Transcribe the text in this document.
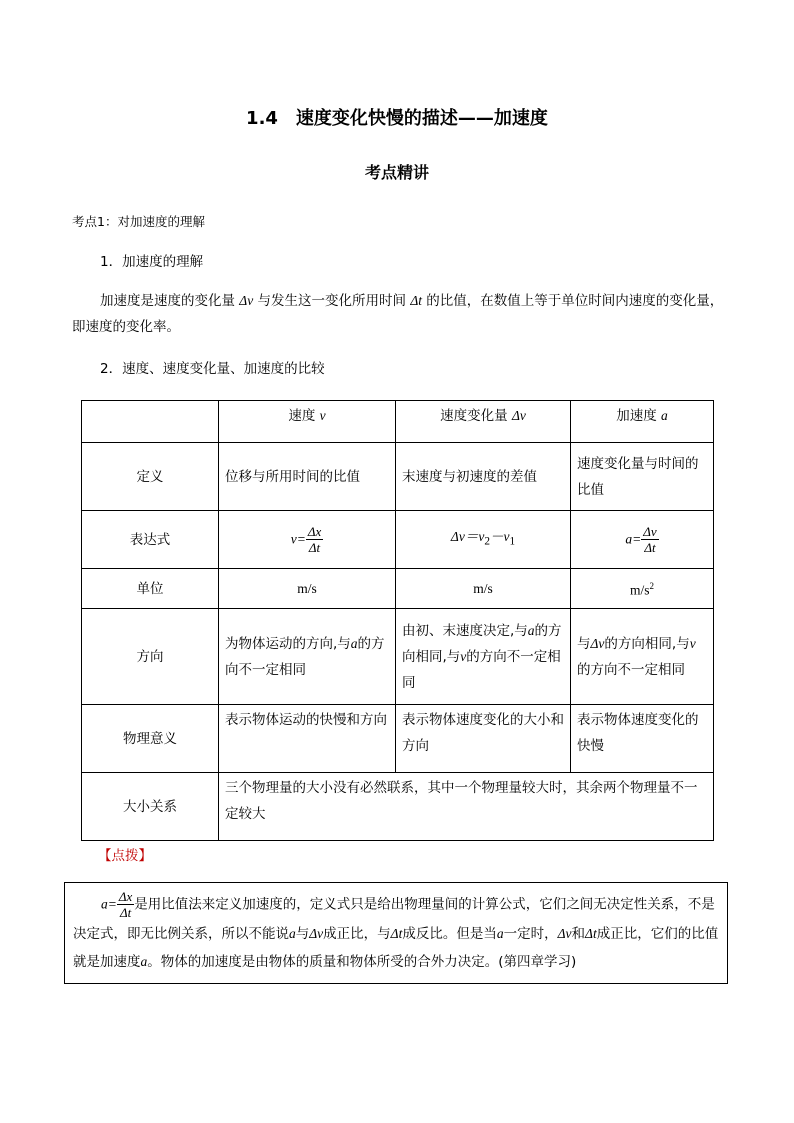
1.4　速度变化快慢的描述——加速度
考点精讲
考点1：对加速度的理解
1．加速度的理解
加速度是速度的变化量 Δv 与发生这一变化所用时间 Δt 的比值，在数值上等于单位时间内速度的变化量，即速度的变化率。
2．速度、速度变化量、加速度的比较
	速度 v	速度变化量 Δv	加速度 a
定义	位移与所用时间的比值	末速度与初速度的差值	速度变化量与时间的比值
表达式	$v= \frac{\Delta x}{\Delta t}$	$\Delta v=v_2-v_1$	$a= \frac{\Delta v}{\Delta t}$

单位	m/s	m/s	$m/s^2$
方向	为物体运动的方向,与a的方向不一定相同	由初、末速度决定,与a的方向相同,与v的方向不一定相同	与Δv的方向相同,与v的方向不一定相同
物理意义	表示物体运动的快慢和方向	表示物体速度变化的大小和方向	表示物体速度变化的快慢
大小关系	三个物理量的大小没有必然联系，其中一个物理量较大时，其余两个物理量不一定较大		
【点拨】
$a= \frac{\Delta x}{\Delta t}$ 是用比值法来定义加速度的，定义式只是给出物理量间的计算公式，它们之间无决定性关系，不是决定式，即无比例关系，所以不能说a与Δv成正比，与Δt成反比。但是当a一定时，Δv和Δt成正比，它们的比值就是加速度a。物体的加速度是由物体的质量和物体所受的合外力决定。(第四章学习)
